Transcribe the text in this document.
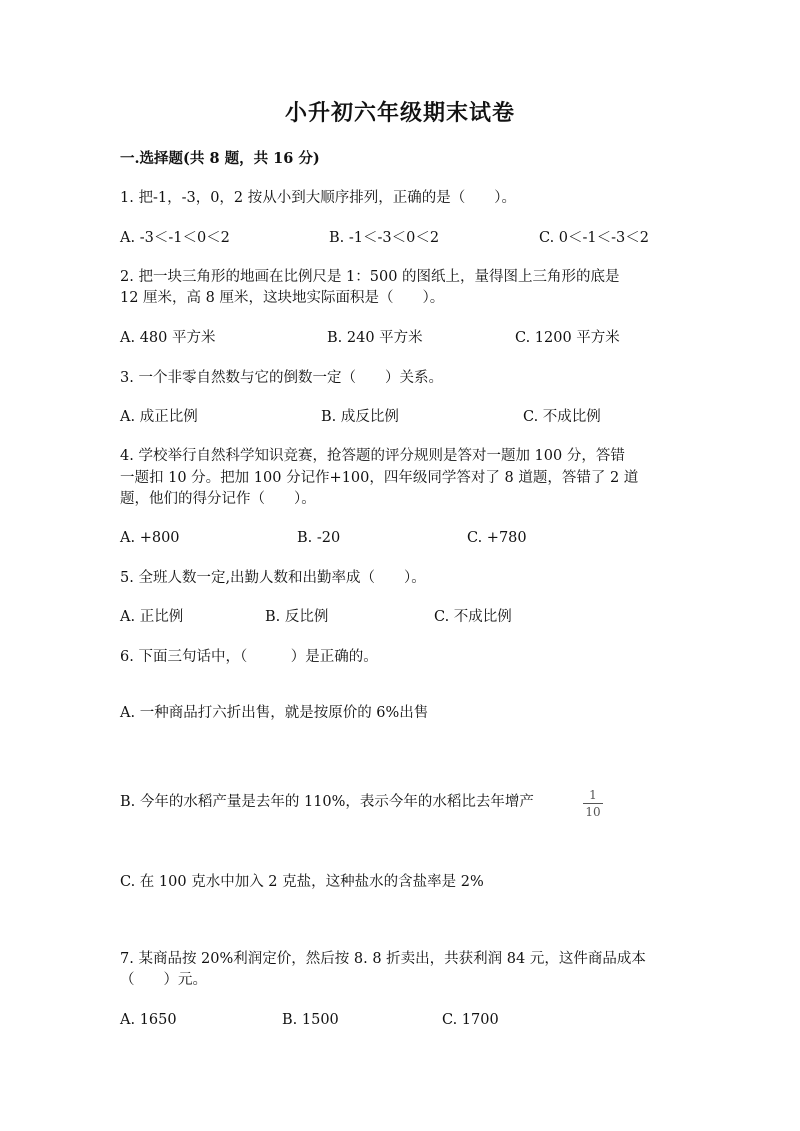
小升初六年级期末试卷
一.选择题(共 8 题，共 16 分)
1. 把-1，-3，0，2 按从小到大顺序排列，正确的是（　　）。
A. -3＜-1＜0＜2	B. -1＜-3＜0＜2	C. 0＜-1＜-3＜2
2. 把一块三角形的地画在比例尺是 1：500 的图纸上，量得图上三角形的底是
12 厘米，高 8 厘米，这块地实际面积是（　　）。
A. 480 平方米	B. 240 平方米	C. 1200 平方米
3. 一个非零自然数与它的倒数一定（　　）关系。
A. 成正比例	B. 成反比例	C. 不成比例
4. 学校举行自然科学知识竞赛，抢答题的评分规则是答对一题加 100 分，答错
一题扣 10 分。把加 100 分记作+100，四年级同学答对了 8 道题，答错了 2 道
题，他们的得分记作（　　）。
A. +800	B. -20	C. +780
5. 全班人数一定,出勤人数和出勤率成（　　）。
A. 正比例	B. 反比例	C. 不成比例
6. 下面三句话中，（　　　）是正确的。
A. 一种商品打六折出售，就是按原价的 6%出售
B. 今年的水稻产量是去年的 110%，表示今年的水稻比去年增产	1
10
C. 在 100 克水中加入 2 克盐，这种盐水的含盐率是 2%
7. 某商品按 20%利润定价，然后按 8. 8 折卖出，共获利润 84 元，这件商品成本
（　　）元。
A. 1650	B. 1500	C. 1700
